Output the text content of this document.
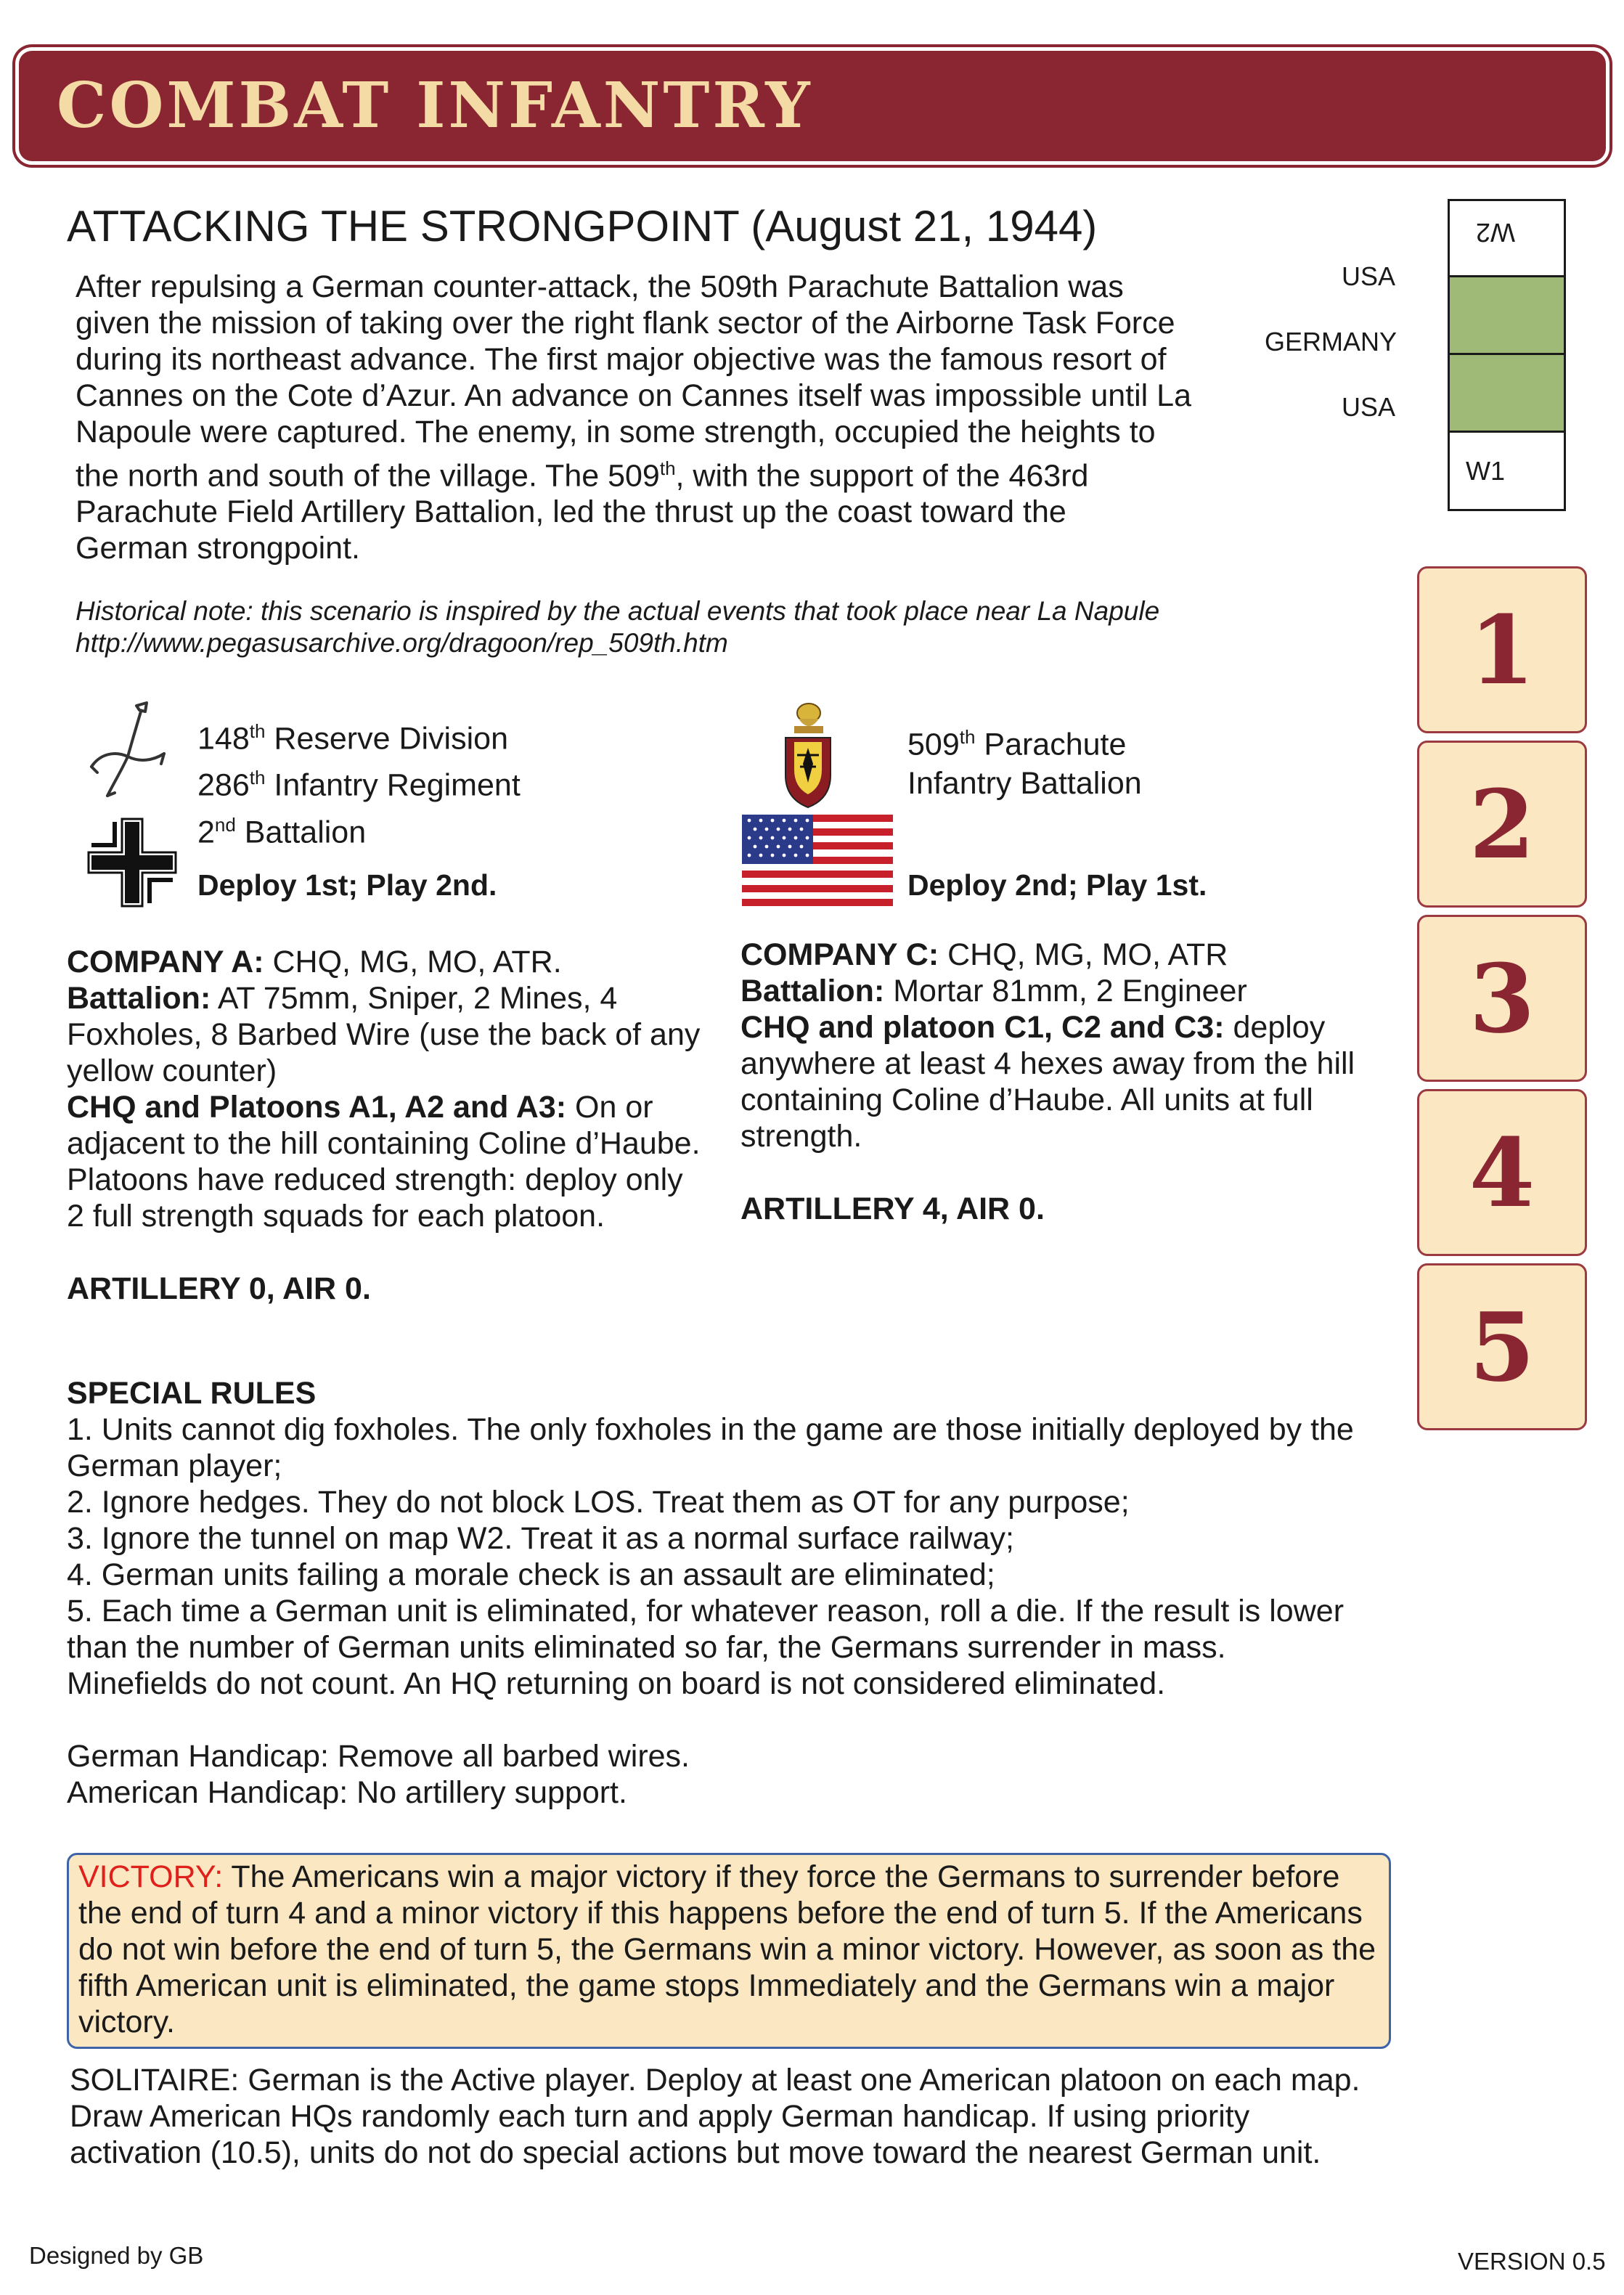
COMBAT INFANTRY
ATTACKING THE STRONGPOINT (August 21, 1944)
After repulsing a German counter-attack, the 509th Parachute Battalion was
given the mission of taking over the right flank sector of the Airborne Task Force
during its northeast advance. The first major objective was the famous resort of
Cannes on the Cote d’Azur. An advance on Cannes itself was impossible until La
Napoule were captured. The enemy, in some strength, occupied the heights to
the north and south of the village. The 509th, with the support of the 463rd
Parachute Field Artillery Battalion, led the thrust up the coast toward the
German strongpoint.
Historical note: this scenario is inspired by the actual events that took place near La Napule
http://www.pegasusarchive.org/dragoon/rep_509th.htm
W2
W1
USA
GERMANY
USA
1
2
3
4
5
148th Reserve Division
286th Infantry Regiment
2nd Battalion
Deploy 1st; Play 2nd.
COMPANY A: CHQ, MG, MO, ATR.
Battalion: AT 75mm, Sniper, 2 Mines, 4 Foxholes, 8 Barbed Wire (use the back of any yellow counter)
CHQ and Platoons A1, A2 and A3: On or adjacent to the hill containing Coline d’Haube. Platoons have reduced strength: deploy only 2 full strength squads for each platoon.
ARTILLERY 0, AIR 0.
509th Parachute
Infantry Battalion
Deploy 2nd; Play 1st.
COMPANY C: CHQ, MG, MO, ATR
Battalion: Mortar 81mm, 2 Engineer
CHQ and platoon C1, C2 and C3: deploy anywhere at least 4 hexes away from the hill containing Coline d’Haube. All units at full strength.
ARTILLERY 4, AIR 0.
SPECIAL RULES
1. Units cannot dig foxholes. The only foxholes in the game are those initially deployed by the German player;
2. Ignore hedges. They do not block LOS. Treat them as OT for any purpose;
3. Ignore the tunnel on map W2. Treat it as a normal surface railway;
4. German units failing a morale check is an assault are eliminated;
5. Each time a German unit is eliminated, for whatever reason, roll a die. If the result is lower than the number of German units eliminated so far, the Germans surrender in mass. Minefields do not count. An HQ returning on board is not considered eliminated.
German Handicap: Remove all barbed wires.
American Handicap: No artillery support.
VICTORY: The Americans win a major victory if they force the Germans to surrender before the end of turn 4 and a minor victory if this happens before the end of turn 5. If the Americans do not win before the end of turn 5, the Germans win a minor victory. However, as soon as the fifth American unit is eliminated, the game stops Immediately and the Germans win a major victory.
SOLITAIRE: German is the Active player. Deploy at least one American platoon on each map. Draw American HQs randomly each turn and apply German handicap. If using priority activation (10.5), units do not do special actions but move toward the nearest German unit.
Designed by GB	VERSION 0.5
